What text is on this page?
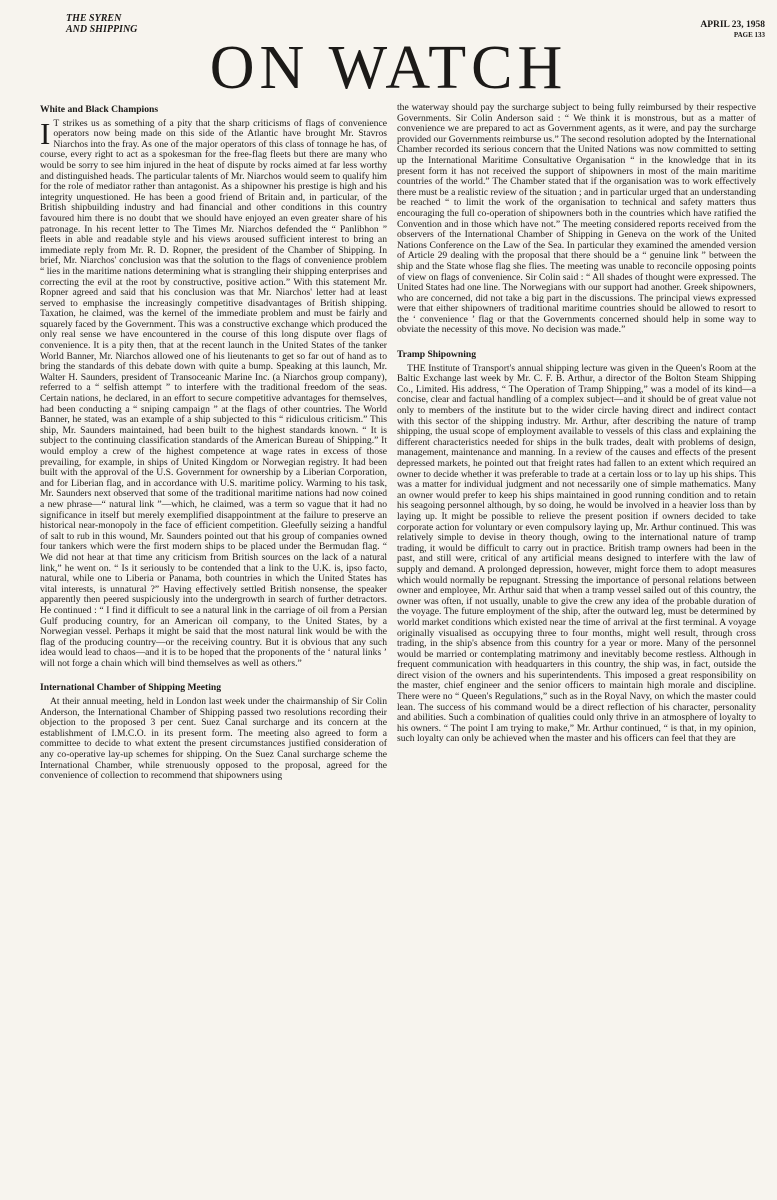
THE SYREN
AND SHIPPING	APRIL 23, 1958
PAGE 133
ON WATCH
White and Black Champions

I T strikes us as something of a pity that the sharp criticisms of flags of convenience operators now being made on this side of the Atlantic have brought Mr. Stavros Niarchos into the fray. As one of the major operators of this class of tonnage he has, of course, every right to act as a spokesman for the free-flag fleets but there are many who would be sorry to see him injured in the heat of dispute by rocks aimed at far less worthy and distinguished heads. The particular talents of Mr. Niarchos would seem to qualify him for the role of mediator rather than antagonist. As a shipowner his prestige is high and his integrity unquestioned. He has been a good friend of Britain and, in particular, of the British shipbuilding industry and had financial and other conditions in this country favoured him there is no doubt that we should have enjoyed an even greater share of his patronage. In his recent letter to The Times Mr. Niarchos defended the “ Panlibhon ” fleets in able and readable style and his views aroused sufficient interest to bring an immediate reply from Mr. R. D. Ropner, the president of the Chamber of Shipping. In brief, Mr. Niarchos' conclusion was that the solution to the flags of convenience problem “ lies in the maritime nations determining what is strangling their shipping enterprises and correcting the evil at the root by constructive, positive action.” With this statement Mr. Ropner agreed and said that his conclusion was that Mr. Niarchos' letter had at least served to emphasise the increasingly competitive disadvantages of British shipping. Taxation, he claimed, was the kernel of the immediate problem and must be fairly and squarely faced by the Government. This was a constructive exchange which produced the only real sense we have encountered in the course of this long dispute over flags of convenience. It is a pity then, that at the recent launch in the United States of the tanker World Banner, Mr. Niarchos allowed one of his lieutenants to get so far out of hand as to bring the standards of this debate down with quite a bump. Speaking at this launch, Mr. Walter H. Saunders, president of Transoceanic Marine Inc. (a Niarchos group company), referred to a “ selfish attempt ” to interfere with the traditional freedom of the seas. Certain nations, he declared, in an effort to secure competitive advantages for themselves, had been conducting a “ sniping campaign ” at the flags of other countries. The World Banner, he stated, was an example of a ship subjected to this “ ridiculous criticism.” This ship, Mr. Saunders maintained, had been built to the highest standards known. “ It is subject to the continuing classification standards of the American Bureau of Shipping.” It would employ a crew of the highest competence at wage rates in excess of those prevailing, for example, in ships of United Kingdom or Norwegian registry. It had been built with the approval of the U.S. Government for ownership by a Liberian Corporation, and for Liberian flag, and in accordance with U.S. maritime policy. Warming to his task, Mr. Saunders next observed that some of the traditional maritime nations had now coined a new phrase—“ natural link ”—which, he claimed, was a term so vague that it had no significance in itself but merely exemplified disappointment at the failure to preserve an historical near-monopoly in the face of efficient competition. Gleefully seizing a handful of salt to rub in this wound, Mr. Saunders pointed out that his group of companies owned four tankers which were the first modern ships to be placed under the Bermudan flag. “ We did not hear at that time any criticism from British sources on the lack of a natural link,” he went on. “ Is it seriously to be contended that a link to the U.K. is, ipso facto, natural, while one to Liberia or Panama, both countries in which the United States has vital interests, is unnatural ?” Having effectively settled British nonsense, the speaker apparently then peered suspiciously into the undergrowth in search of further detractors. He continued : “ I find it difficult to see a natural link in the carriage of oil from a Persian Gulf producing country, for an American oil company, to the United States, by a Norwegian vessel. Perhaps it might be said that the most natural link would be with the flag of the producing country—or the receiving country. But it is obvious that any such idea would lead to chaos—and it is to be hoped that the proponents of the ‘ natural links ’ will not forge a chain which will bind themselves as well as others.”

International Chamber of Shipping Meeting

At their annual meeting, held in London last week under the chairmanship of Sir Colin Anderson, the International Chamber of Shipping passed two resolutions recording their objection to the proposed 3 per cent. Suez Canal surcharge and its concern at the establishment of I.M.C.O. in its present form. The meeting also agreed to form a committee to decide to what extent the present circumstances justified consideration of any co-operative lay-up schemes for shipping. On the Suez Canal surcharge scheme the International Chamber, while strenuously opposed to the proposal, agreed for the convenience of collection to recommend that shipowners using

the waterway should pay the surcharge subject to being fully reimbursed by their respective Governments. Sir Colin Anderson said : “ We think it is monstrous, but as a matter of convenience we are prepared to act as Government agents, as it were, and pay the surcharge provided our Governments reimburse us.” The second resolution adopted by the International Chamber recorded its serious concern that the United Nations was now committed to setting up the International Maritime Consultative Organisation “ in the knowledge that in its present form it has not received the support of shipowners in most of the main maritime countries of the world.” The Chamber stated that if the organisation was to work effectively there must be a realistic review of the situation ; and in particular urged that an understanding be reached “ to limit the work of the organisation to technical and safety matters thus encouraging the full co-operation of shipowners both in the countries which have ratified the Convention and in those which have not.” The meeting considered reports received from the observers of the International Chamber of Shipping in Geneva on the work of the United Nations Conference on the Law of the Sea. In particular they examined the amended version of Article 29 dealing with the proposal that there should be a “ genuine link ” between the ship and the State whose flag she flies. The meeting was unable to reconcile opposing points of view on flags of convenience. Sir Colin said : “ All shades of thought were expressed. The United States had one line. The Norwegians with our support had another. Greek shipowners, who are concerned, did not take a big part in the discussions. The principal views expressed were that either shipowners of traditional maritime countries should be allowed to resort to the ‘ convenience ’ flag or that the Governments concerned should help in some way to obviate the necessity of this move. No decision was made.”

Tramp Shipowning

THE Institute of Transport's annual shipping lecture was given in the Queen's Room at the Baltic Exchange last week by Mr. C. F. B. Arthur, a director of the Bolton Steam Shipping Co., Limited. His address, “ The Operation of Tramp Shipping,” was a model of its kind—a concise, clear and factual handling of a complex subject—and it should be of great value not only to members of the institute but to the wider circle having direct and indirect contact with this sector of the shipping industry. Mr. Arthur, after describing the nature of tramp shipping, the usual scope of employment available to vessels of this class and explaining the different characteristics needed for ships in the bulk trades, dealt with problems of design, management, maintenance and manning. In a review of the causes and effects of the present depressed markets, he pointed out that freight rates had fallen to an extent which required an owner to decide whether it was preferable to trade at a certain loss or to lay up his ships. This was a matter for individual judgment and not necessarily one of simple mathematics. Many an owner would prefer to keep his ships maintained in good running condition and to retain his seagoing personnel although, by so doing, he would be involved in a heavier loss than by laying up. It might be possible to relieve the present position if owners decided to take corporate action for voluntary or even compulsory laying up, Mr. Arthur continued. This was relatively simple to devise in theory though, owing to the international nature of tramp trading, it would be difficult to carry out in practice. British tramp owners had been in the past, and still were, critical of any artificial means designed to interfere with the law of supply and demand. A prolonged depression, however, might force them to adopt measures which would normally be repugnant. Stressing the importance of personal relations between owner and employee, Mr. Arthur said that when a tramp vessel sailed out of this country, the owner was often, if not usually, unable to give the crew any idea of the probable duration of the voyage. The future employment of the ship, after the outward leg, must be determined by world market conditions which existed near the time of arrival at the first terminal. A voyage originally visualised as occupying three to four months, might well result, through cross trading, in the ship's absence from this country for a year or more. Many of the personnel would be married or contemplating matrimony and inevitably become restless. Although in frequent communication with headquarters in this country, the ship was, in fact, outside the direct vision of the owners and his superintendents. This imposed a great responsibility on the master, chief engineer and the senior officers to maintain high morale and discipline. There were no “ Queen's Regulations,” such as in the Royal Navy, on which the master could lean. The success of his command would be a direct reflection of his character, personality and abilities. Such a combination of qualities could only thrive in an atmosphere of loyalty to his owners. “ The point I am trying to make,” Mr. Arthur continued, “ is that, in my opinion, such loyalty can only be achieved when the master and his officers can feel that they are
